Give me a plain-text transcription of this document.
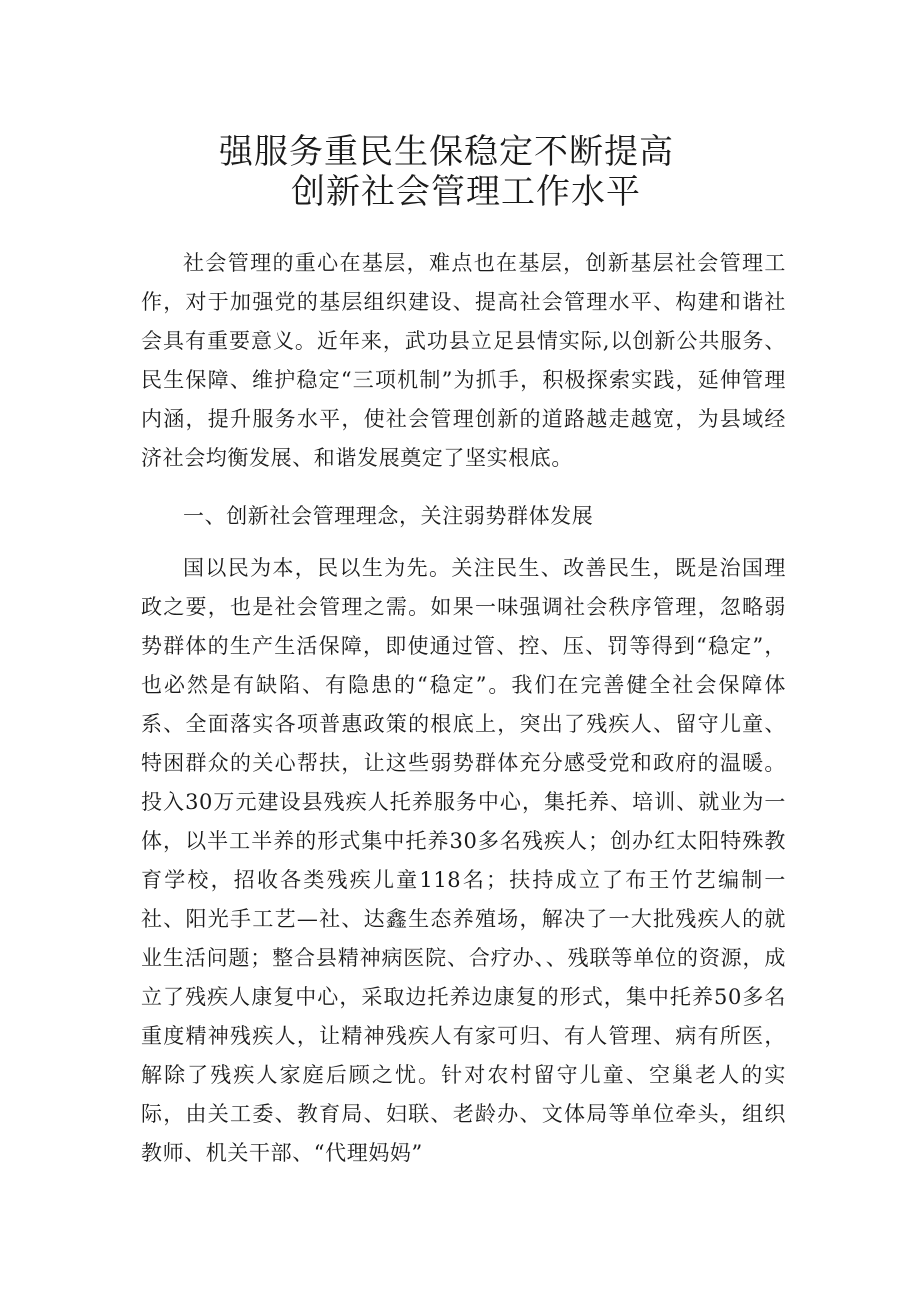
强服务重民生保稳定不断提高
创新社会管理工作水平

社会管理的重心在基层，难点也在基层，创新基层社会管理工作，对于加强党的基层组织建设、提高社会管理水平、构建和谐社会具有重要意义。近年来，武功县立足县情实际,以创新公共服务、民生保障、维护稳定“三项机制”为抓手，积极探索实践，延伸管理内涵，提升服务水平，使社会管理创新的道路越走越宽，为县域经济社会均衡发展、和谐发展奠定了坚实根底。

一、创新社会管理理念，关注弱势群体发展

国以民为本，民以生为先。关注民生、改善民生，既是治国理政之要，也是社会管理之需。如果一味强调社会秩序管理，忽略弱势群体的生产生活保障，即使通过管、控、压、罚等得到“稳定”，也必然是有缺陷、有隐患的“稳定”。我们在完善健全社会保障体系、全面落实各项普惠政策的根底上，突出了残疾人、留守儿童、特困群众的关心帮扶，让这些弱势群体充分感受党和政府的温暖。投入30万元建设县残疾人托养服务中心，集托养、培训、就业为一体，以半工半养的形式集中托养30多名残疾人；创办红太阳特殊教育学校，招收各类残疾儿童118名；扶持成立了布王竹艺编制一社、阳光手工艺—社、达鑫生态养殖场，解决了一大批残疾人的就业生活问题；整合县精神病医院、合疗办、、残联等单位的资源，成立了残疾人康复中心，采取边托养边康复的形式，集中托养50多名重度精神残疾人，让精神残疾人有家可归、有人管理、病有所医，解除了残疾人家庭后顾之忧。针对农村留守儿童、空巢老人的实际，由关工委、教育局、妇联、老龄办、文体局等单位牵头，组织教师、机关干部、“代理妈妈”
